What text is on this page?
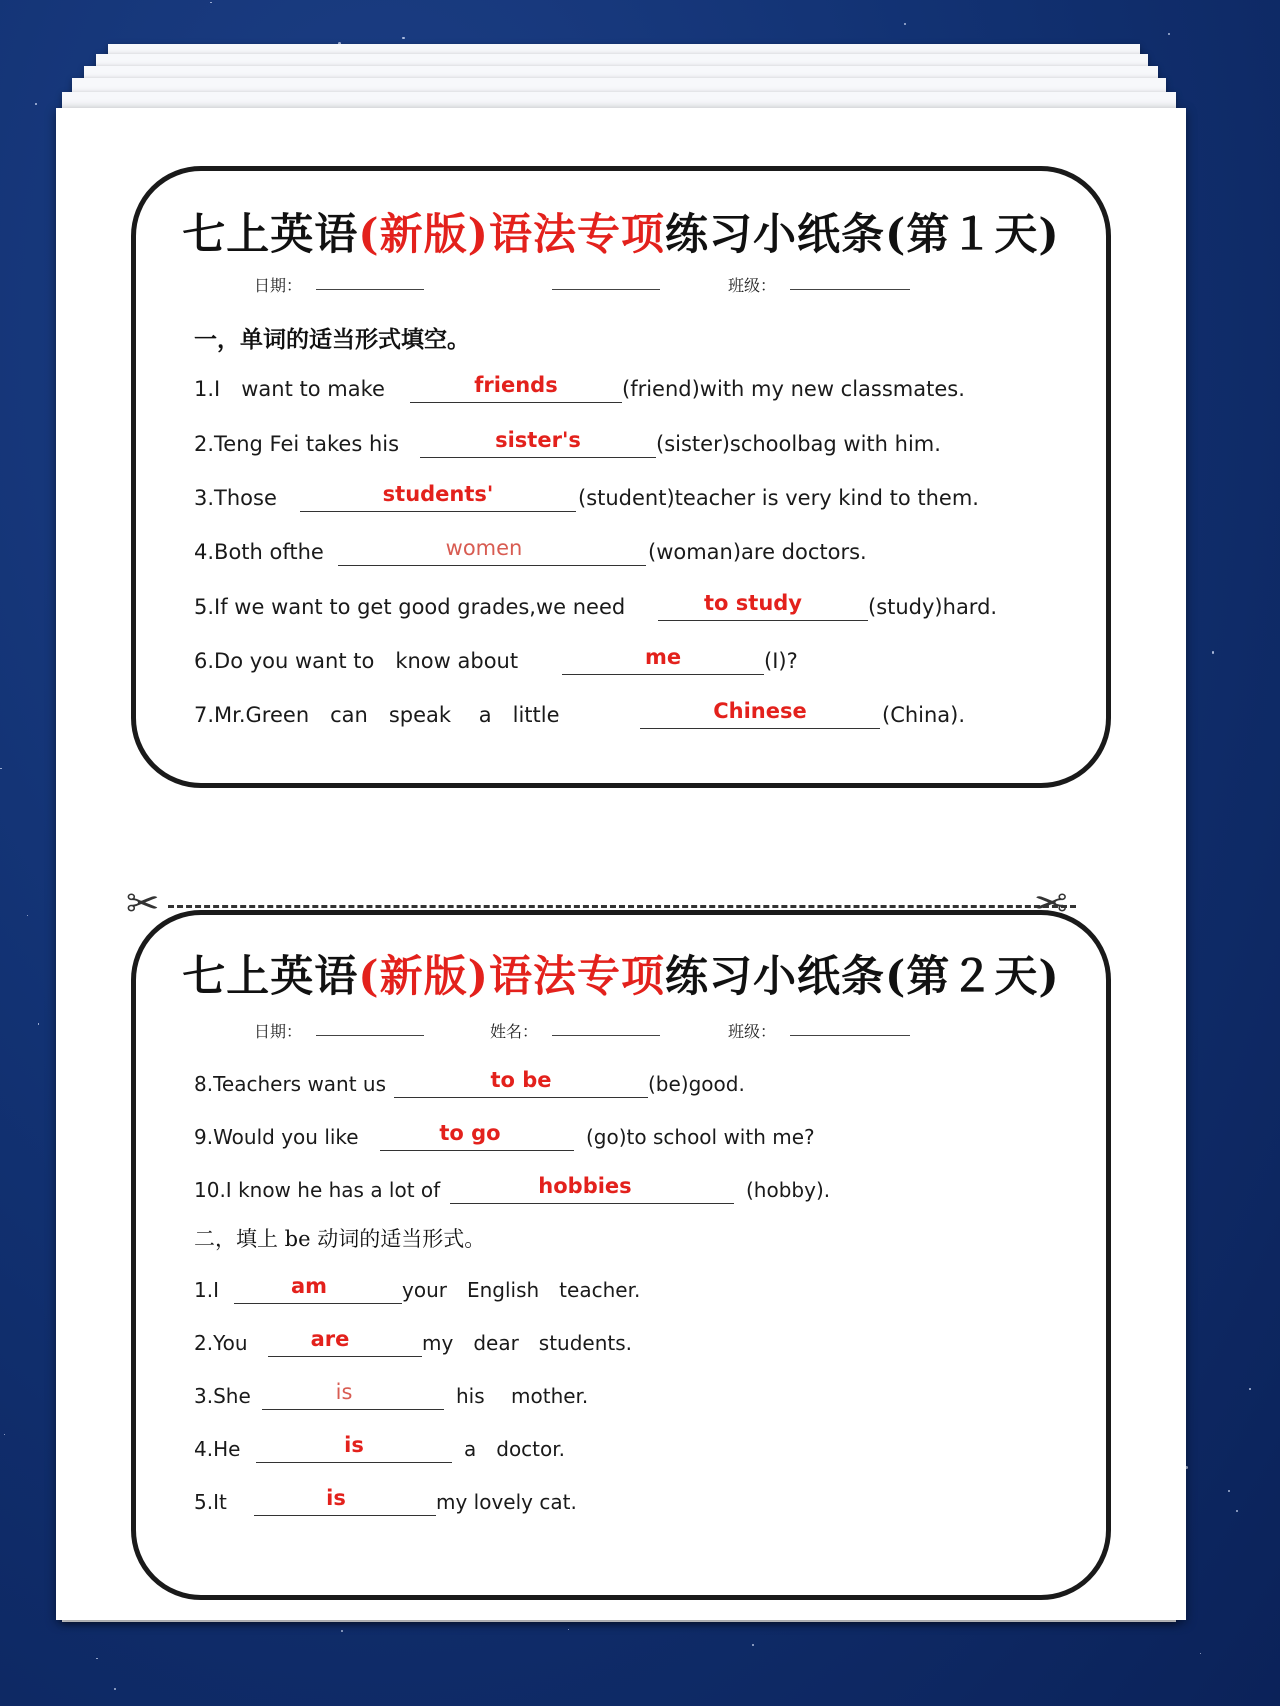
七上英语(新版)语法专项练习小纸条(第１天)
日期：	班级：
一，单词的适当形式填空。
1.I　want to make	friends	(friend)with my new classmates.
2.Teng Fei takes his	sister's	(sister)schoolbag with him.
3.Those	students'	(student)teacher is very kind to them.
4.Both ofthe	women	(woman)are doctors.
5.If we want to get good grades,we need	to study	(study)hard.
6.Do you want to　know about	me	(I)?
7.Mr.Green　can　speak　 a　little	Chinese	(China).
✂	✂
七上英语(新版)语法专项练习小纸条(第２天)
日期：	姓名：	班级：
8.Teachers want us	to be	(be)good.
9.Would you like	to go	(go)to school with me?
10.I know he has a lot of	hobbies	(hobby).
二，填上 be 动词的适当形式。
1.I	am	your　English　teacher.
2.You	are	my　dear　students.
3.She	is	his　 mother.
4.He	is	a　doctor.
5.It	is	my lovely cat.
